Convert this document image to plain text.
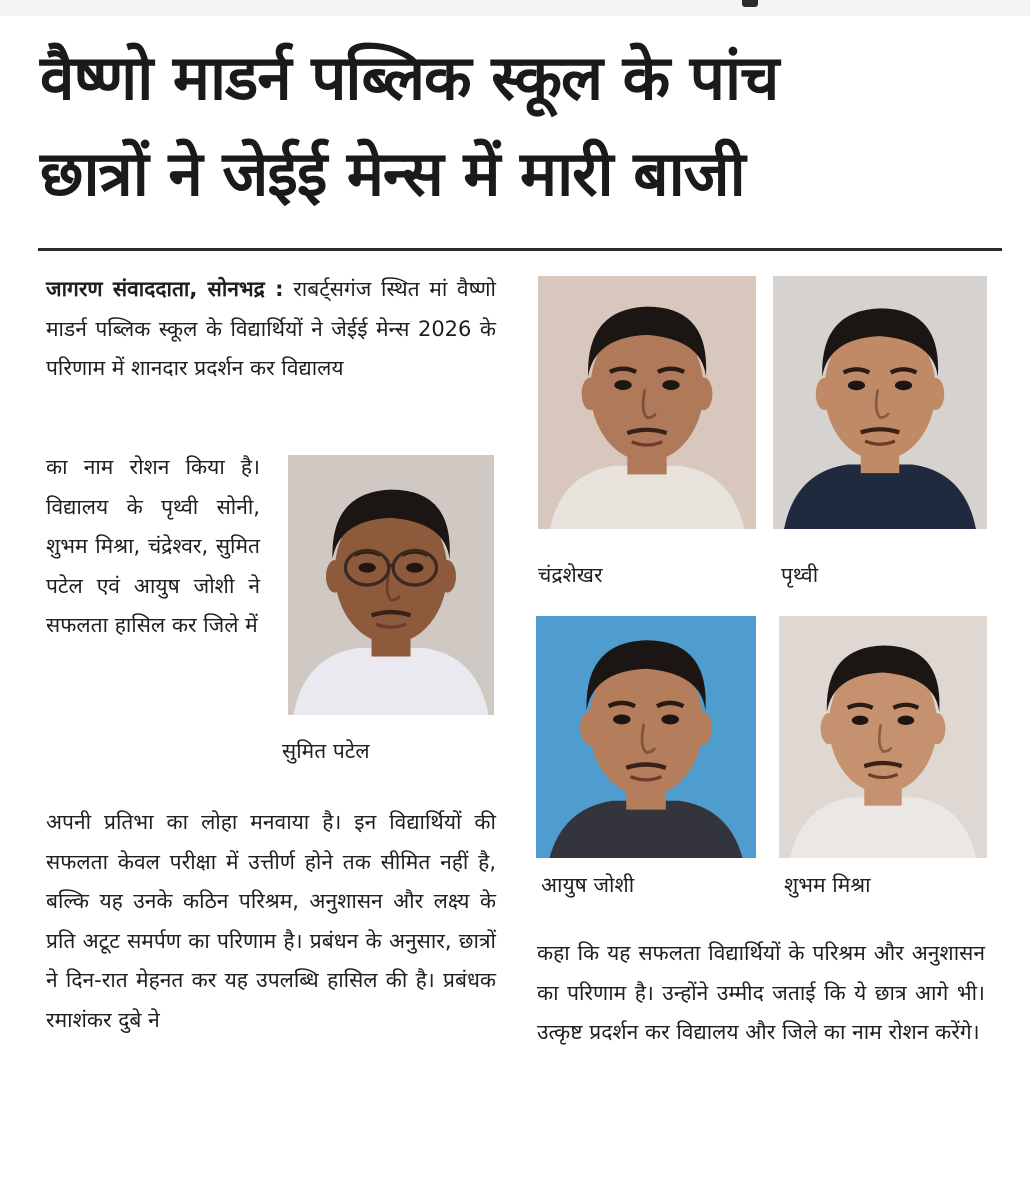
वैष्णो माडर्न पब्लिक स्कूल के पांच
छात्रों ने जेईई मेन्स में मारी बाजी
जागरण संवाददाता, सोनभद्र : राबर्ट्सगंज स्थित मां वैष्णो माडर्न पब्लिक स्कूल के विद्यार्थियों ने जेईई मेन्स 2026 के परिणाम में शानदार प्रदर्शन कर विद्यालय
का नाम रोशन किया है। विद्यालय के पृथ्वी सोनी, शुभम मिश्रा, चंद्रेश्वर, सुमित पटेल एवं आयुष जोशी ने सफलता हासिल कर जिले में
अपनी प्रतिभा का लोहा मनवाया है। इन विद्यार्थियों की सफलता केवल परीक्षा में उत्तीर्ण होने तक सीमित नहीं है, बल्कि यह उनके कठिन परिश्रम, अनुशासन और लक्ष्य के प्रति अटूट समर्पण का परिणाम है। प्रबंधन के अनुसार, छात्रों ने दिन-रात मेहनत कर यह उपलब्धि हासिल की है। प्रबंधक रमाशंकर दुबे ने
कहा कि यह सफलता विद्यार्थियों के परिश्रम और अनुशासन का परिणाम है। उन्होंने उम्मीद जताई कि ये छात्र आगे भी। उत्कृष्ट प्रदर्शन कर विद्यालय और जिले का नाम रोशन करेंगे।
चंद्रशेखर	पृथ्वी
सुमित पटेल
आयुष जोशी	शुभम मिश्रा
